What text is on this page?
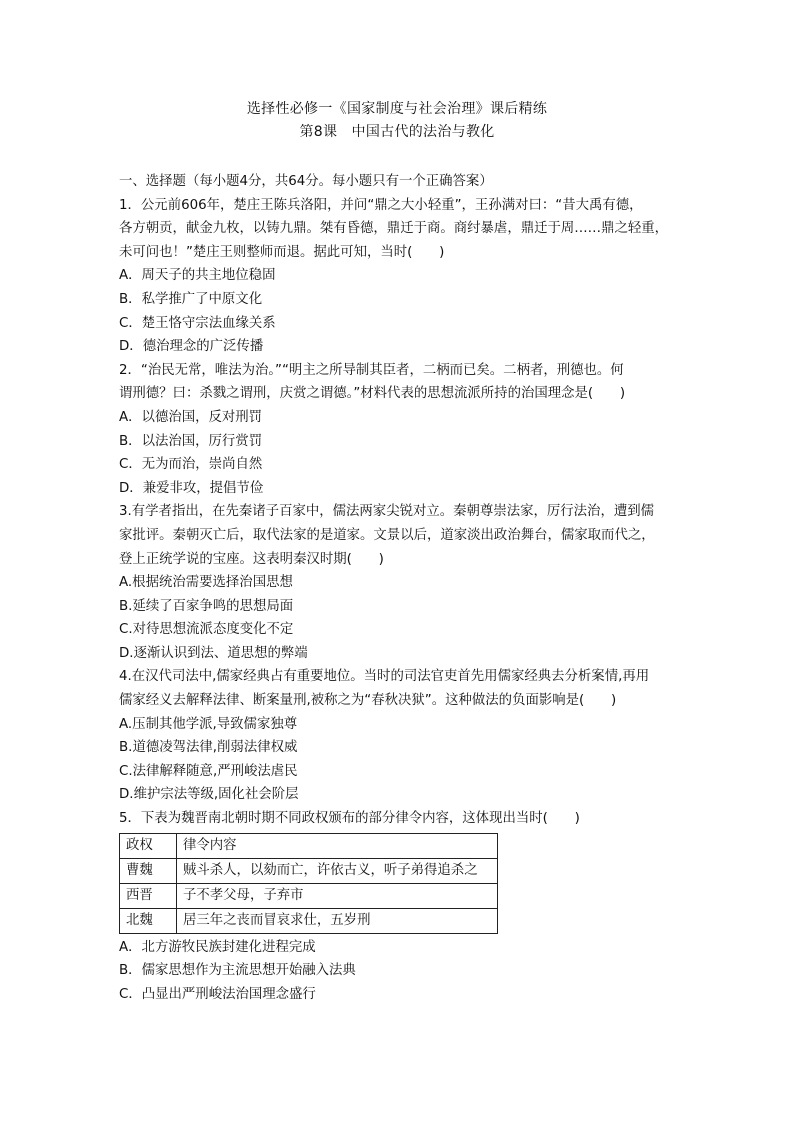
选择性必修一《国家制度与社会治理》课后精练
第8课　中国古代的法治与教化
一、选择题（每小题4分，共64分。每小题只有一个正确答案）
1．公元前606年，楚庄王陈兵洛阳，并问“鼎之大小轻重”，王孙满对曰：“昔大禹有德，
各方朝贡，献金九枚，以铸九鼎。桀有昏德，鼎迁于商。商纣暴虐，鼎迁于周……鼎之轻重，
未可问也！”楚庄王则整师而退。据此可知，当时(　　)
A．周天子的共主地位稳固
B．私学推广了中原文化
C．楚王恪守宗法血缘关系
D．德治理念的广泛传播
2．“治民无常，唯法为治。”“明主之所导制其臣者，二柄而已矣。二柄者，刑德也。何
谓刑德？曰：杀戮之谓刑，庆赏之谓德。”材料代表的思想流派所持的治国理念是(　　)
A．以德治国，反对刑罚
B．以法治国，厉行赏罚
C．无为而治，崇尚自然
D．兼爱非攻，提倡节俭
3.有学者指出，在先秦诸子百家中，儒法两家尖锐对立。秦朝尊崇法家，厉行法治，遭到儒
家批评。秦朝灭亡后，取代法家的是道家。文景以后，道家淡出政治舞台，儒家取而代之，
登上正统学说的宝座。这表明秦汉时期(　　)
A.根据统治需要选择治国思想
B.延续了百家争鸣的思想局面
C.对待思想流派态度变化不定
D.逐渐认识到法、道思想的弊端
4.在汉代司法中,儒家经典占有重要地位。当时的司法官吏首先用儒家经典去分析案情,再用
儒家经义去解释法律、断案量刑,被称之为“春秋决狱”。这种做法的负面影响是(　　)
A.压制其他学派,导致儒家独尊
B.道德凌驾法律,削弱法律权威
C.法律解释随意,严刑峻法虐民
D.维护宗法等级,固化社会阶层
5．下表为魏晋南北朝时期不同政权颁布的部分律令内容，这体现出当时(　　)
政权	律令内容
曹魏	贼斗杀人，以劾而亡，许依古义，听子弟得追杀之
西晋	子不孝父母，子弃市
北魏	居三年之丧而冒哀求仕，五岁刑
A．北方游牧民族封建化进程完成
B．儒家思想作为主流思想开始融入法典
C．凸显出严刑峻法治国理念盛行
